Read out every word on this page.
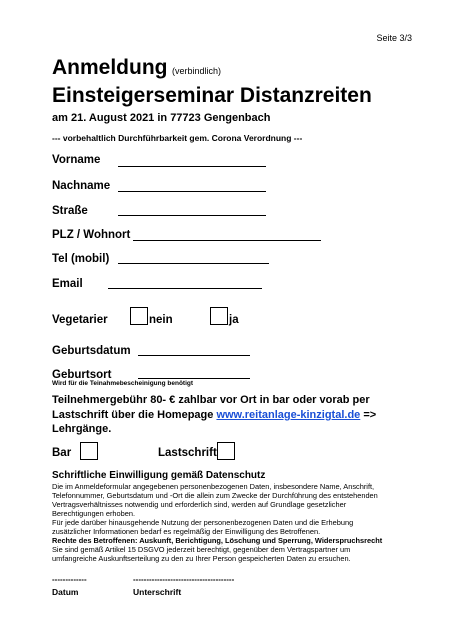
Seite 3/3
Anmeldung (verbindlich)
Einsteigerseminar Distanzreiten
am 21. August 2021 in 77723 Gengenbach
--- vorbehaltlich Durchführbarkeit gem. Corona Verordnung ---
Vorname
Nachname
Straße
PLZ / Wohnort
Tel (mobil)
Email
Vegetarier	nein	ja
Geburtsdatum
Geburtsort
Wird für die Teinahmebescheinigung benötigt
Teilnehmergebühr 80- € zahlbar vor Ort in bar oder vorab per
Lastschrift über die Homepage www.reitanlage-kinzigtal.de =>
Lehrgänge.
Bar	Lastschrift
Schriftliche Einwilligung gemäß Datenschutz
Die im Anmeldeformular angegebenen personenbezogenen Daten, insbesondere Name, Anschrift,
Telefonnummer, Geburtsdatum und -Ort die allein zum Zwecke der Durchführung des entstehenden
Vertragsverhältnisses notwendig und erforderlich sind, werden auf Grundlage gesetzlicher
Berechtigungen erhoben.
Für jede darüber hinausgehende Nutzung der personenbezogenen Daten und die Erhebung
zusätzlicher Informationen bedarf es regelmäßig der Einwilligung des Betroffenen.
Rechte des Betroffenen: Auskunft, Berichtigung, Löschung und Sperrung, Widerspruchsrecht
Sie sind gemäß Artikel 15 DSGVO jederzeit berechtigt, gegenüber dem Vertragspartner um
umfangreiche Auskunftserteilung zu den zu Ihrer Person gespeicherten Daten zu ersuchen.
-------------
Datum
--------------------------------------
Unterschrift
